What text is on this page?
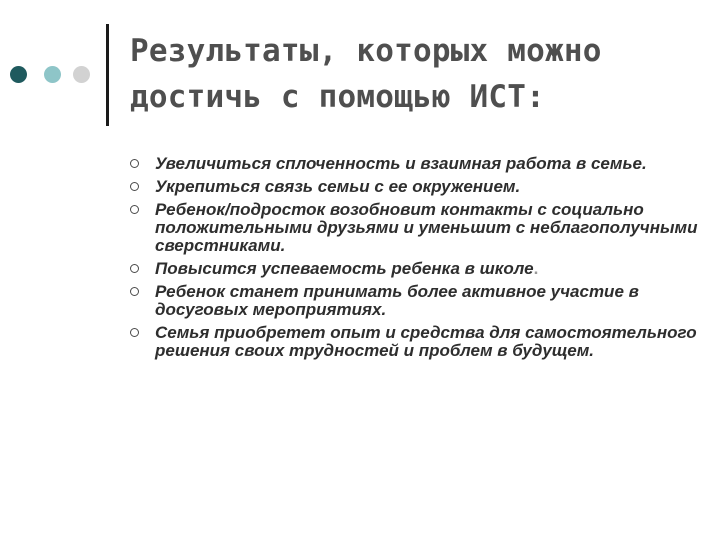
Результаты, которых можно достичь с помощью ИСТ:
Увеличиться сплоченность и взаимная работа в семье.
Укрепиться связь семьи с ее окружением.
Ребенок/подросток возобновит контакты с социально положительными друзьями и уменьшит с неблагополучными сверстниками.
Повысится успеваемость ребенка в школе.
Ребенок станет принимать более активное участие в досуговых мероприятиях.
Семья приобретет опыт и средства для самостоятельного решения своих трудностей и проблем в будущем.
